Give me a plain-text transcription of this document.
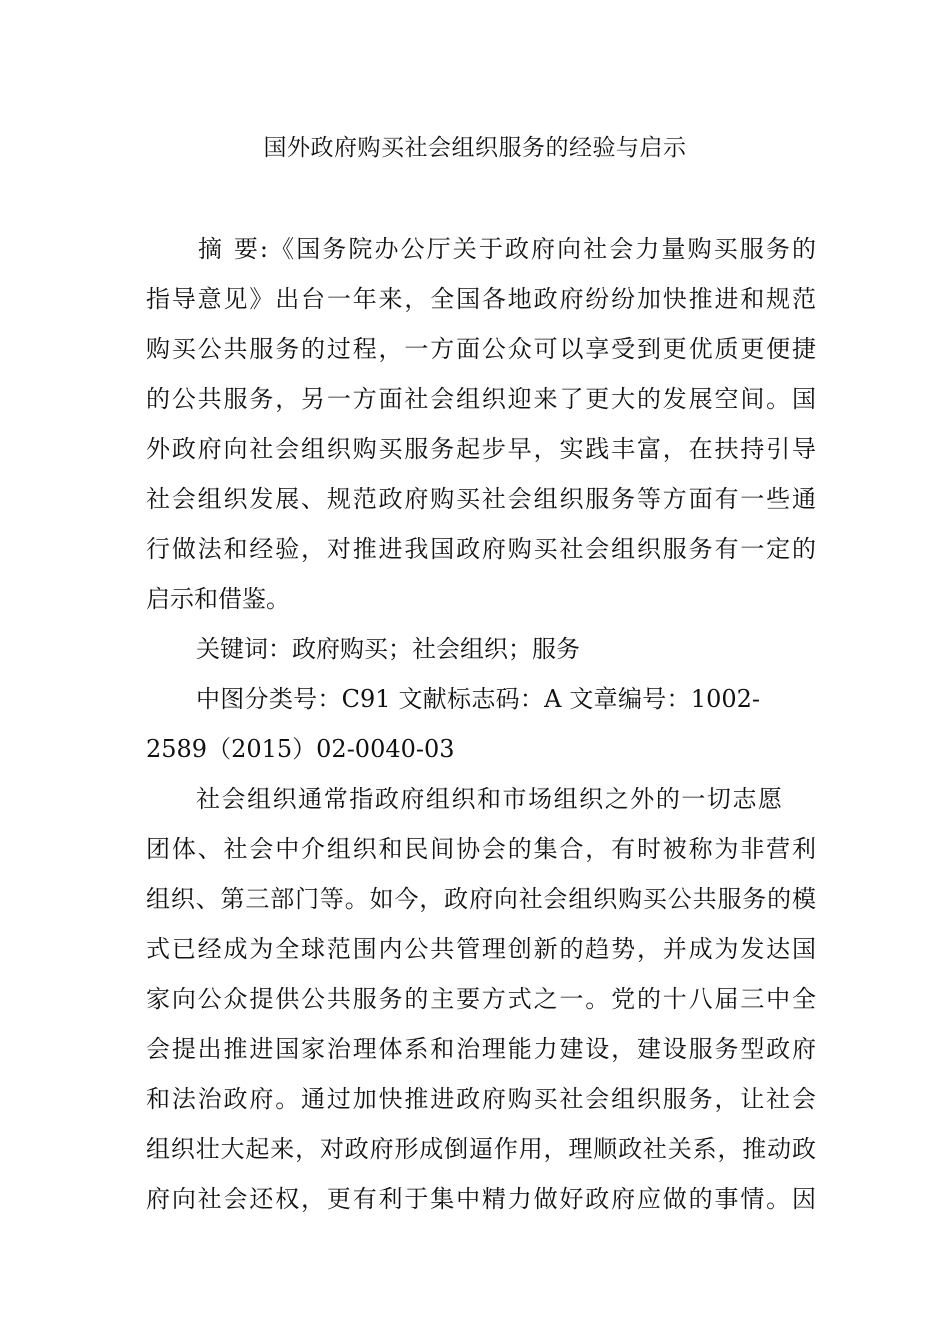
国外政府购买社会组织服务的经验与启示
摘 要:《国务院办公厅关于政府向社会力量购买服务的
指导意见》出台一年来，全国各地政府纷纷加快推进和规范
购买公共服务的过程，一方面公众可以享受到更优质更便捷
的公共服务，另一方面社会组织迎来了更大的发展空间。国
外政府向社会组织购买服务起步早，实践丰富，在扶持引导
社会组织发展、规范政府购买社会组织服务等方面有一些通
行做法和经验，对推进我国政府购买社会组织服务有一定的
启示和借鉴。
关键词：政府购买；社会组织；服务
中图分类号：C91 文献标志码：A 文章编号：1002-
2589（2015）02-0040-03
社会组织通常指政府组织和市场组织之外的一切志愿
团体、社会中介组织和民间协会的集合，有时被称为非营利
组织、第三部门等。如今，政府向社会组织购买公共服务的模
式已经成为全球范围内公共管理创新的趋势，并成为发达国
家向公众提供公共服务的主要方式之一。党的十八届三中全
会提出推进国家治理体系和治理能力建设，建设服务型政府
和法治政府。通过加快推进政府购买社会组织服务，让社会
组织壮大起来，对政府形成倒逼作用，理顺政社关系，推动政
府向社会还权，更有利于集中精力做好政府应做的事情。因
